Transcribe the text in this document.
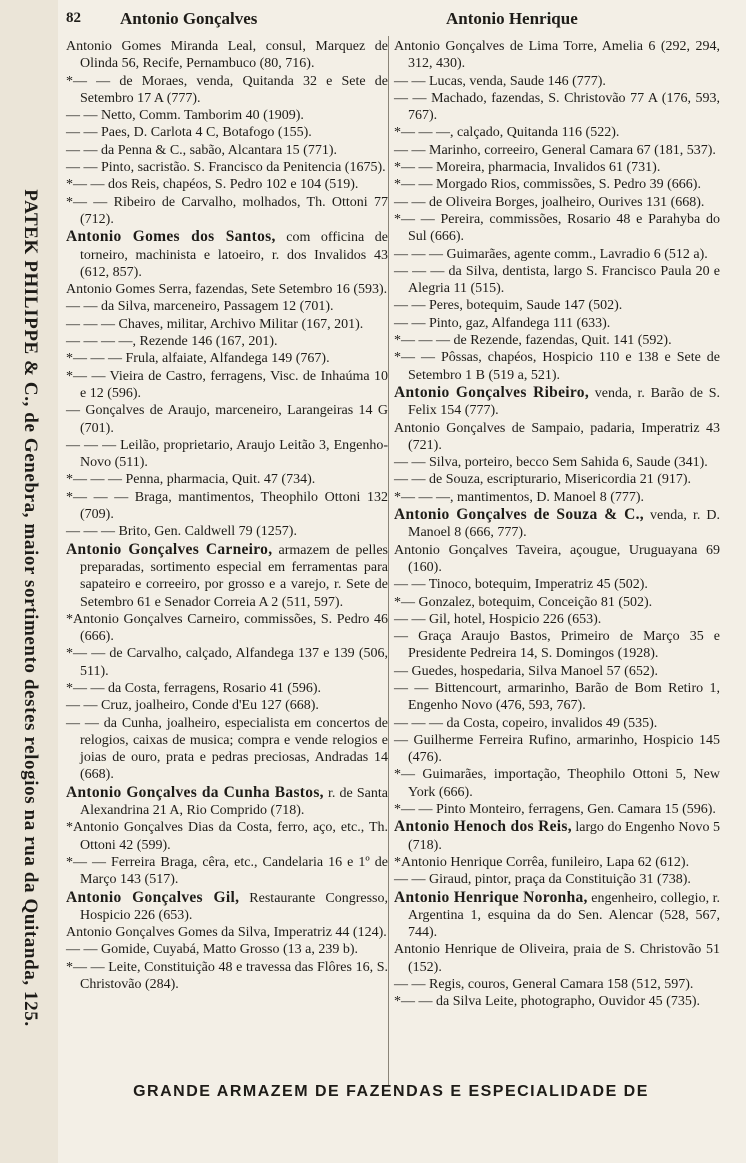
PATEK PHILIPPE & C., de Genebra, maior sortimento destes relogios na rua da Quitanda, 125.
82 Antonio Gonçalves	Antonio Henrique

Antonio Gomes Miranda Leal, consul, Marquez de Olinda 56, Recife, Pernambuco (80, 716).

*— — de Moraes, venda, Quitanda 32 e Sete de Setembro 17 A (777).

— — Netto, Comm. Tamborim 40 (1909).

— — Paes, D. Carlota 4 C, Botafogo (155).

— — da Penna & C., sabão, Alcantara 15 (771).

— — Pinto, sacristão. S. Francisco da Penitencia (1675).

*— — dos Reis, chapéos, S. Pedro 102 e 104 (519).

*— — Ribeiro de Carvalho, molhados, Th. Ottoni 77 (712).

Antonio Gomes dos Santos, com officina de torneiro, machinista e latoeiro, r. dos Invalidos 43 (612, 857).

Antonio Gomes Serra, fazendas, Sete Setembro 16 (593).

— — da Silva, marceneiro, Passagem 12 (701).

— — — Chaves, militar, Archivo Militar (167, 201).

— — — —, Rezende 146 (167, 201).

*— — — Frula, alfaiate, Alfandega 149 (767).

*— — Vieira de Castro, ferragens, Visc. de Inhaúma 10 e 12 (596).

— Gonçalves de Araujo, marceneiro, Larangeiras 14 G (701).

— — — Leilão, proprietario, Araujo Leitão 3, Engenho-Novo (511).

*— — — Penna, pharmacia, Quit. 47 (734).

*— — — Braga, mantimentos, Theophilo Ottoni 132 (709).

— — — Brito, Gen. Caldwell 79 (1257).

Antonio Gonçalves Carneiro, armazem de pelles preparadas, sortimento especial em ferramentas para sapateiro e correeiro, por grosso e a varejo, r. Sete de Setembro 61 e Senador Correia A 2 (511, 597).

*Antonio Gonçalves Carneiro, commissões, S. Pedro 46 (666).

*— — de Carvalho, calçado, Alfandega 137 e 139 (506, 511).

*— — da Costa, ferragens, Rosario 41 (596).

— — Cruz, joalheiro, Conde d'Eu 127 (668).

— — da Cunha, joalheiro, especialista em concertos de relogios, caixas de musica; compra e vende relogios e joias de ouro, prata e pedras preciosas, Andradas 14 (668).

Antonio Gonçalves da Cunha Bastos, r. de Santa Alexandrina 21 A, Rio Comprido (718).

*Antonio Gonçalves Dias da Costa, ferro, aço, etc., Th. Ottoni 42 (599).

*— — Ferreira Braga, cêra, etc., Candelaria 16 e 1º de Março 143 (517).

Antonio Gonçalves Gil, Restaurante Congresso, Hospicio 226 (653).

Antonio Gonçalves Gomes da Silva, Imperatriz 44 (124).

— — Gomide, Cuyabá, Matto Grosso (13 a, 239 b).

*— — Leite, Constituição 48 e travessa das Flôres 16, S. Christovão (284).

Antonio Gonçalves de Lima Torre, Amelia 6 (292, 294, 312, 430).

— — Lucas, venda, Saude 146 (777).

— — Machado, fazendas, S. Christovão 77 A (176, 593, 767).

*— — —, calçado, Quitanda 116 (522).

— — Marinho, correeiro, General Camara 67 (181, 537).

*— — Moreira, pharmacia, Invalidos 61 (731).

*— — Morgado Rios, commissões, S. Pedro 39 (666).

— — de Oliveira Borges, joalheiro, Ourives 131 (668).

*— — Pereira, commissões, Rosario 48 e Parahyba do Sul (666).

— — — Guimarães, agente comm., Lavradio 6 (512 a).

— — — da Silva, dentista, largo S. Francisco Paula 20 e Alegria 11 (515).

— — Peres, botequim, Saude 147 (502).

— — Pinto, gaz, Alfandega 111 (633).

*— — — de Rezende, fazendas, Quit. 141 (592).

*— — Pôssas, chapéos, Hospicio 110 e 138 e Sete de Setembro 1 B (519 a, 521).

Antonio Gonçalves Ribeiro, venda, r. Barão de S. Felix 154 (777).

Antonio Gonçalves de Sampaio, padaria, Imperatriz 43 (721).

— — Silva, porteiro, becco Sem Sahida 6, Saude (341).

— — de Souza, escripturario, Misericordia 21 (917).

*— — —, mantimentos, D. Manoel 8 (777).

Antonio Gonçalves de Souza & C., venda, r. D. Manoel 8 (666, 777).

Antonio Gonçalves Taveira, açougue, Uruguayana 69 (160).

— — Tinoco, botequim, Imperatriz 45 (502).

*— Gonzalez, botequim, Conceição 81 (502).

— — Gil, hotel, Hospicio 226 (653).

— Graça Araujo Bastos, Primeiro de Março 35 e Presidente Pedreira 14, S. Domingos (1928).

— Guedes, hospedaria, Silva Manoel 57 (652).

— — Bittencourt, armarinho, Barão de Bom Retiro 1, Engenho Novo (476, 593, 767).

— — — da Costa, copeiro, invalidos 49 (535).

— Guilherme Ferreira Rufino, armarinho, Hospicio 145 (476).

*— Guimarães, importação, Theophilo Ottoni 5, New York (666).

*— — Pinto Monteiro, ferragens, Gen. Camara 15 (596).

Antonio Henoch dos Reis, largo do Engenho Novo 5 (718).

*Antonio Henrique Corrêa, funileiro, Lapa 62 (612).

— — Giraud, pintor, praça da Constituição 31 (738).

Antonio Henrique Noronha, engenheiro, collegio, r. Argentina 1, esquina da do Sen. Alencar (528, 567, 744).

Antonio Henrique de Oliveira, praia de S. Christovão 51 (152).

— — Regis, couros, General Camara 158 (512, 597).

*— — da Silva Leite, photographo, Ouvidor 45 (735).

GRANDE ARMAZEM DE FAZENDAS E ESPECIALIDADE DE
